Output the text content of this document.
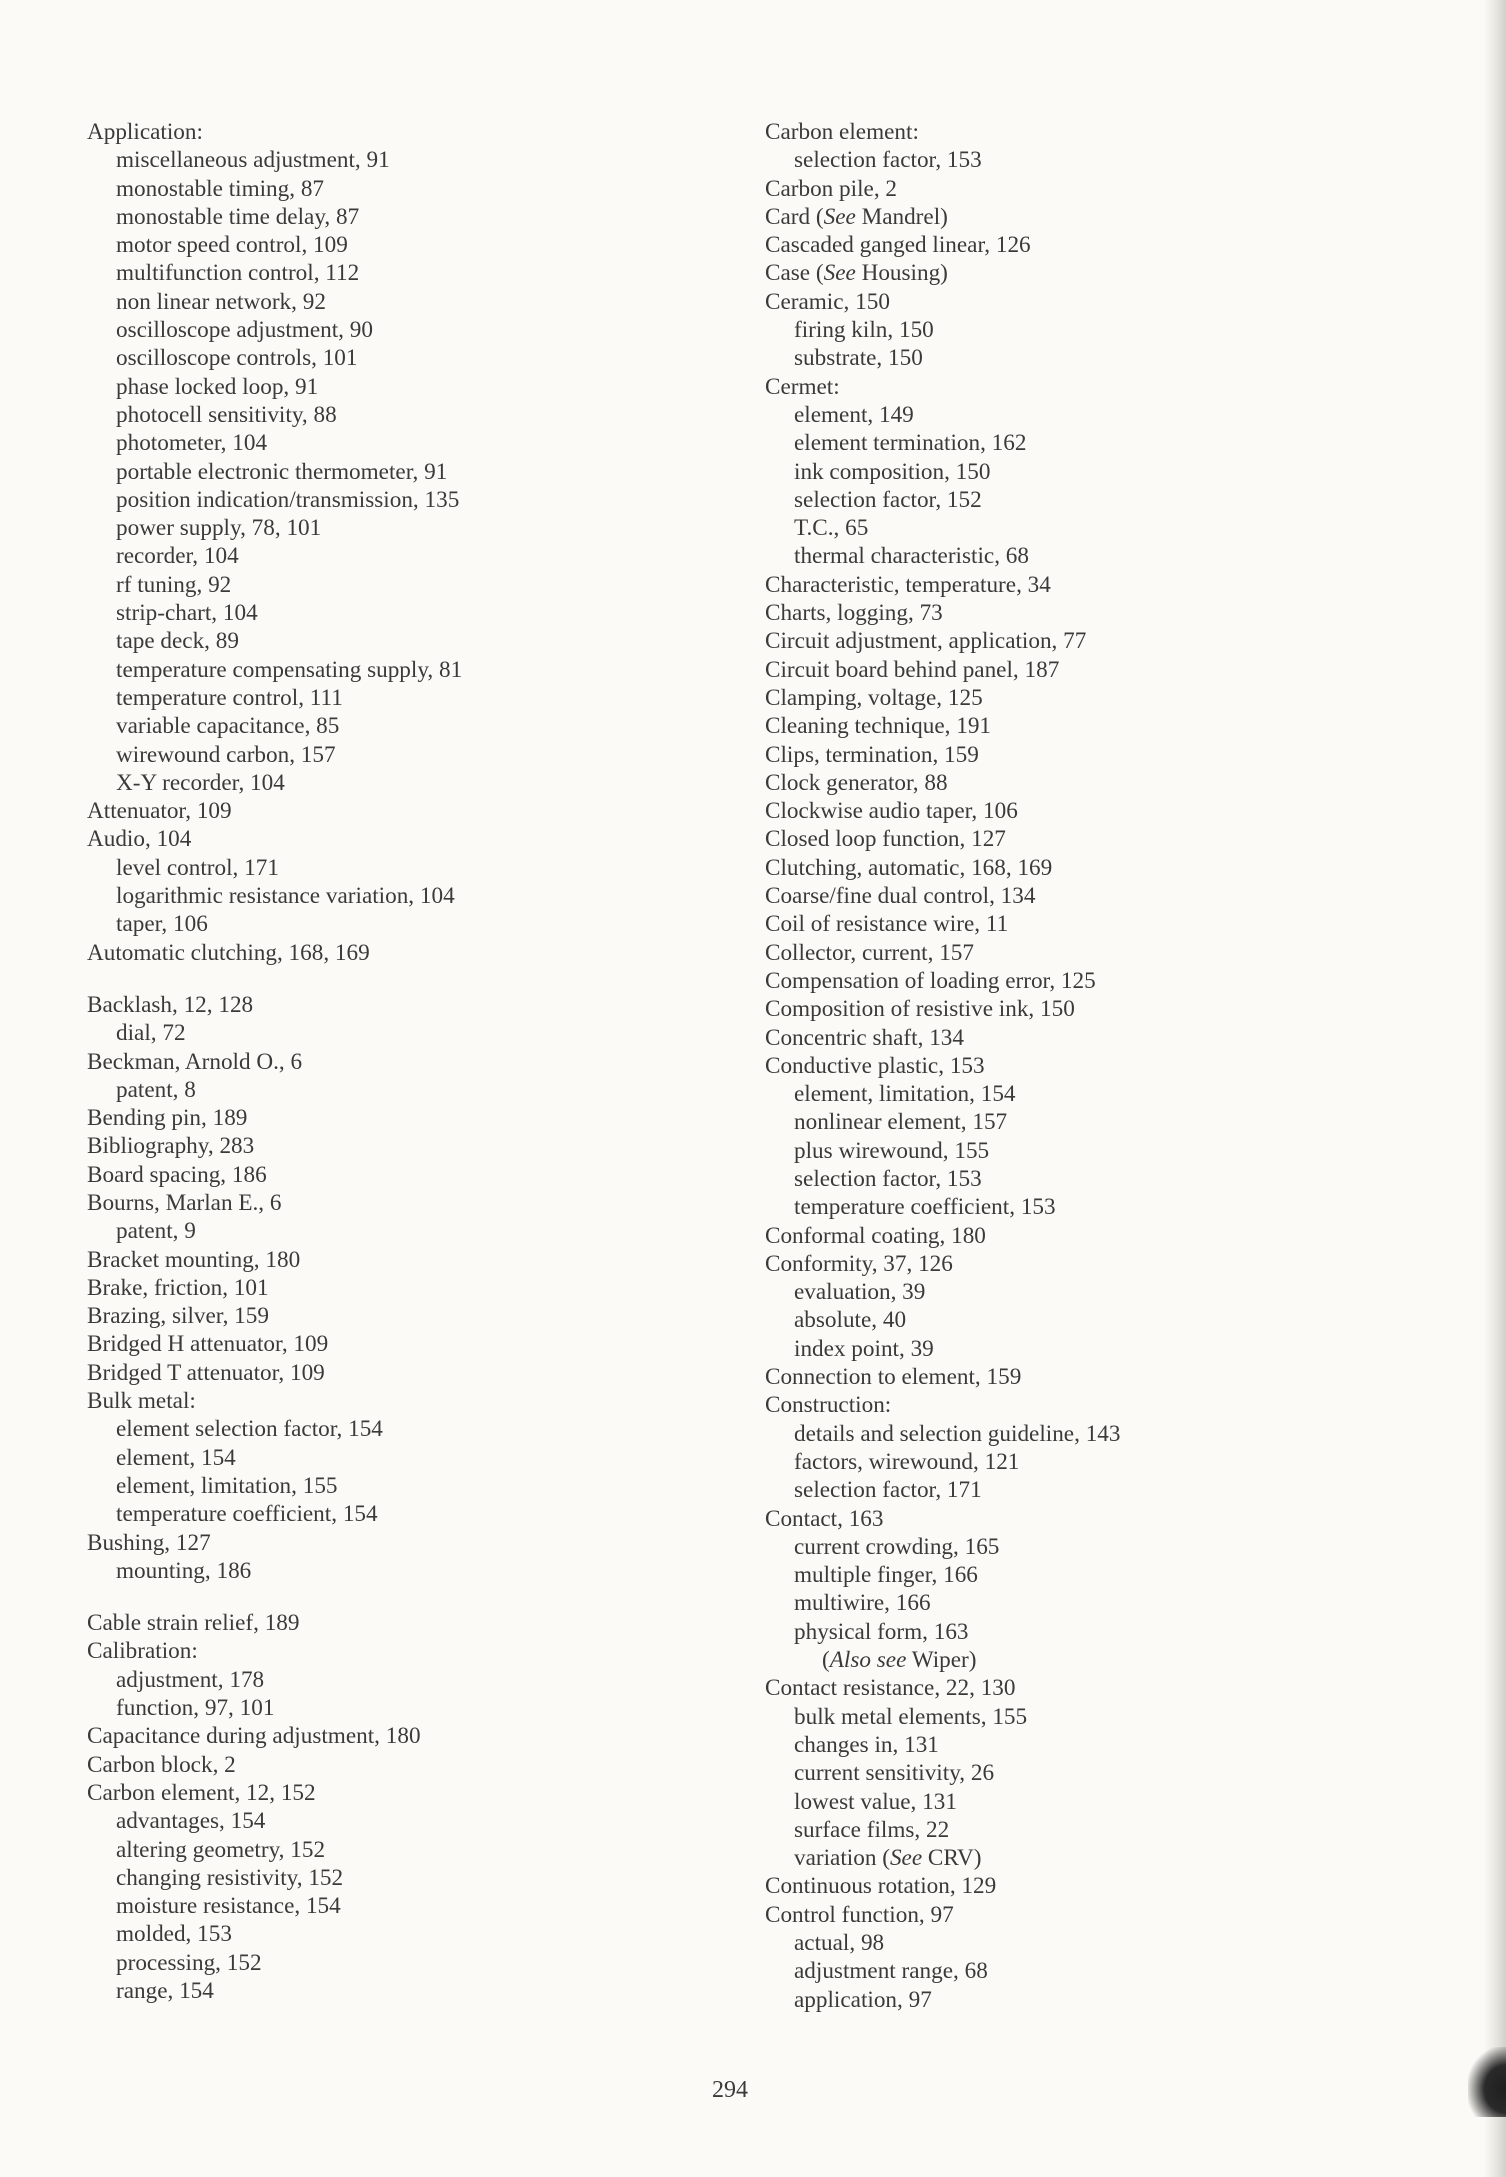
Application:
miscellaneous adjustment, 91
monostable timing, 87
monostable time delay, 87
motor speed control, 109
multifunction control, 112
non linear network, 92
oscilloscope adjustment, 90
oscilloscope controls, 101
phase locked loop, 91
photocell sensitivity, 88
photometer, 104
portable electronic thermometer, 91
position indication/transmission, 135
power supply, 78, 101
recorder, 104
rf tuning, 92
strip-chart, 104
tape deck, 89
temperature compensating supply, 81
temperature control, 111
variable capacitance, 85
wirewound carbon, 157
X-Y recorder, 104
Attenuator, 109
Audio, 104
level control, 171
logarithmic resistance variation, 104
taper, 106
Automatic clutching, 168, 169
Backlash, 12, 128
dial, 72
Beckman, Arnold O., 6
patent, 8
Bending pin, 189
Bibliography, 283
Board spacing, 186
Bourns, Marlan E., 6
patent, 9
Bracket mounting, 180
Brake, friction, 101
Brazing, silver, 159
Bridged H attenuator, 109
Bridged T attenuator, 109
Bulk metal:
element selection factor, 154
element, 154
element, limitation, 155
temperature coefficient, 154
Bushing, 127
mounting, 186
Cable strain relief, 189
Calibration:
adjustment, 178
function, 97, 101
Capacitance during adjustment, 180
Carbon block, 2
Carbon element, 12, 152
advantages, 154
altering geometry, 152
changing resistivity, 152
moisture resistance, 154
molded, 153
processing, 152
range, 154
Carbon element:
selection factor, 153
Carbon pile, 2
Card (See Mandrel)
Cascaded ganged linear, 126
Case (See Housing)
Ceramic, 150
firing kiln, 150
substrate, 150
Cermet:
element, 149
element termination, 162
ink composition, 150
selection factor, 152
T.C., 65
thermal characteristic, 68
Characteristic, temperature, 34
Charts, logging, 73
Circuit adjustment, application, 77
Circuit board behind panel, 187
Clamping, voltage, 125
Cleaning technique, 191
Clips, termination, 159
Clock generator, 88
Clockwise audio taper, 106
Closed loop function, 127
Clutching, automatic, 168, 169
Coarse/fine dual control, 134
Coil of resistance wire, 11
Collector, current, 157
Compensation of loading error, 125
Composition of resistive ink, 150
Concentric shaft, 134
Conductive plastic, 153
element, limitation, 154
nonlinear element, 157
plus wirewound, 155
selection factor, 153
temperature coefficient, 153
Conformal coating, 180
Conformity, 37, 126
evaluation, 39
absolute, 40
index point, 39
Connection to element, 159
Construction:
details and selection guideline, 143
factors, wirewound, 121
selection factor, 171
Contact, 163
current crowding, 165
multiple finger, 166
multiwire, 166
physical form, 163
(Also see Wiper)
Contact resistance, 22, 130
bulk metal elements, 155
changes in, 131
current sensitivity, 26
lowest value, 131
surface films, 22
variation (See CRV)
Continuous rotation, 129
Control function, 97
actual, 98
adjustment range, 68
application, 97
294
